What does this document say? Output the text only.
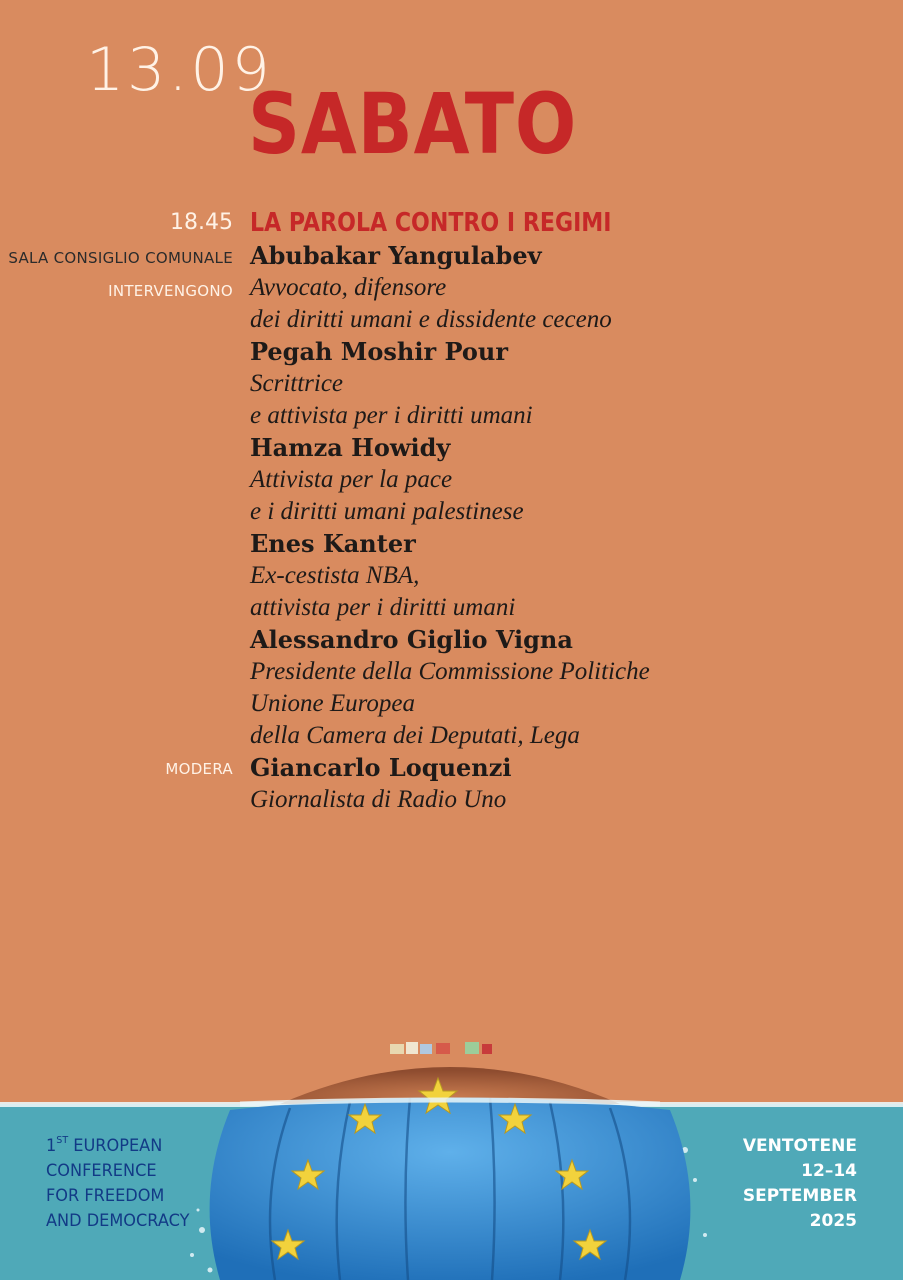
13.09
SABATO
18.45 LA PAROLA CONTRO I REGIMI
SALA CONSIGLIO COMUNALE
INTERVENGONO
MODERA
Abubakar Yangulabev
Avvocato, difensore
dei diritti umani e dissidente ceceno
Pegah Moshir Pour
Scrittrice
e attivista per i diritti umani
Hamza Howidy
Attivista per la pace
e i diritti umani palestinese
Enes Kanter
Ex-cestista NBA,
attivista per i diritti umani
Alessandro Giglio Vigna
Presidente della Commissione Politiche
Unione Europea
della Camera dei Deputati, Lega
Giancarlo Loquenzi
Giornalista di Radio Uno
1ST EUROPEAN
CONFERENCE
FOR FREEDOM
AND DEMOCRACY
VENTOTENE
12–14
SEPTEMBER
2025
